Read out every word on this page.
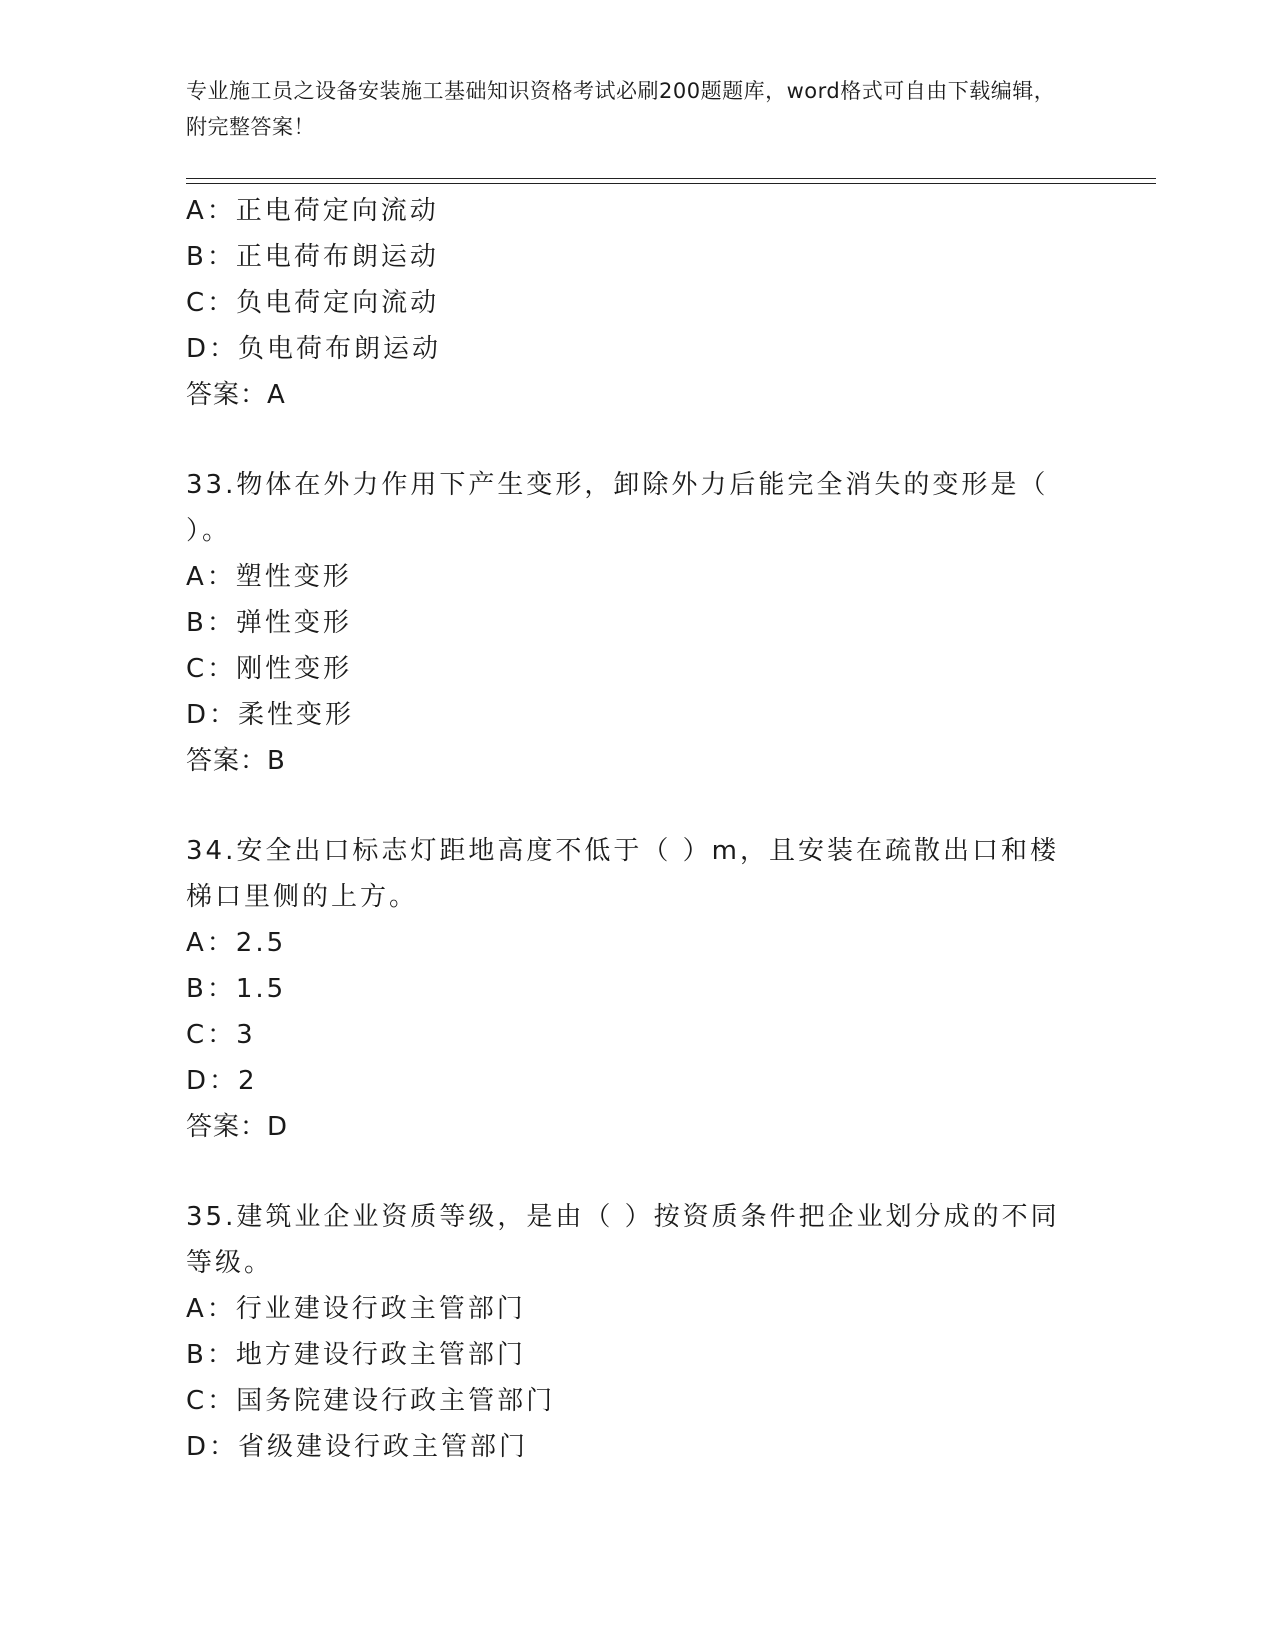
专业施工员之设备安装施工基础知识资格考试必刷200题题库，word格式可自由下载编辑，附完整答案！
A：正电荷定向流动
B：正电荷布朗运动
C：负电荷定向流动
D：负电荷布朗运动
答案：A
33.物体在外力作用下产生变形，卸除外力后能完全消失的变形是（ ）。
A：塑性变形
B：弹性变形
C：刚性变形
D：柔性变形
答案：B
34.安全出口标志灯距地高度不低于（ ）m，且安装在疏散出口和楼梯口里侧的上方。
A：2.5
B：1.5
C：3
D：2
答案：D
35.建筑业企业资质等级，是由（ ）按资质条件把企业划分成的不同等级。
A：行业建设行政主管部门
B：地方建设行政主管部门
C：国务院建设行政主管部门
D：省级建设行政主管部门
